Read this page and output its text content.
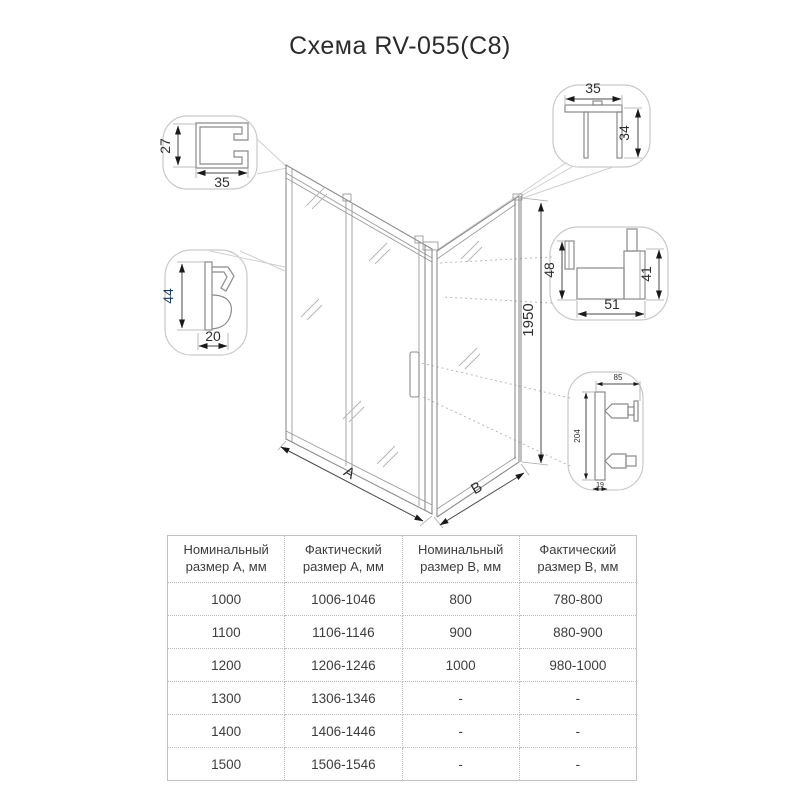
Схема RV-055(C8)
1950
A
B
27
35
35
34
44
20
48	41
51
85
204
19
Номинальный размер А, мм	Фактический размер А, мм	Номинальный размер В, мм	Фактический размер В, мм
1000	1006-1046	800	780-800
1100	1106-1146	900	880-900
1200	1206-1246	1000	980-1000
1300	1306-1346	-	-
1400	1406-1446	-	-
1500	1506-1546	-	-
